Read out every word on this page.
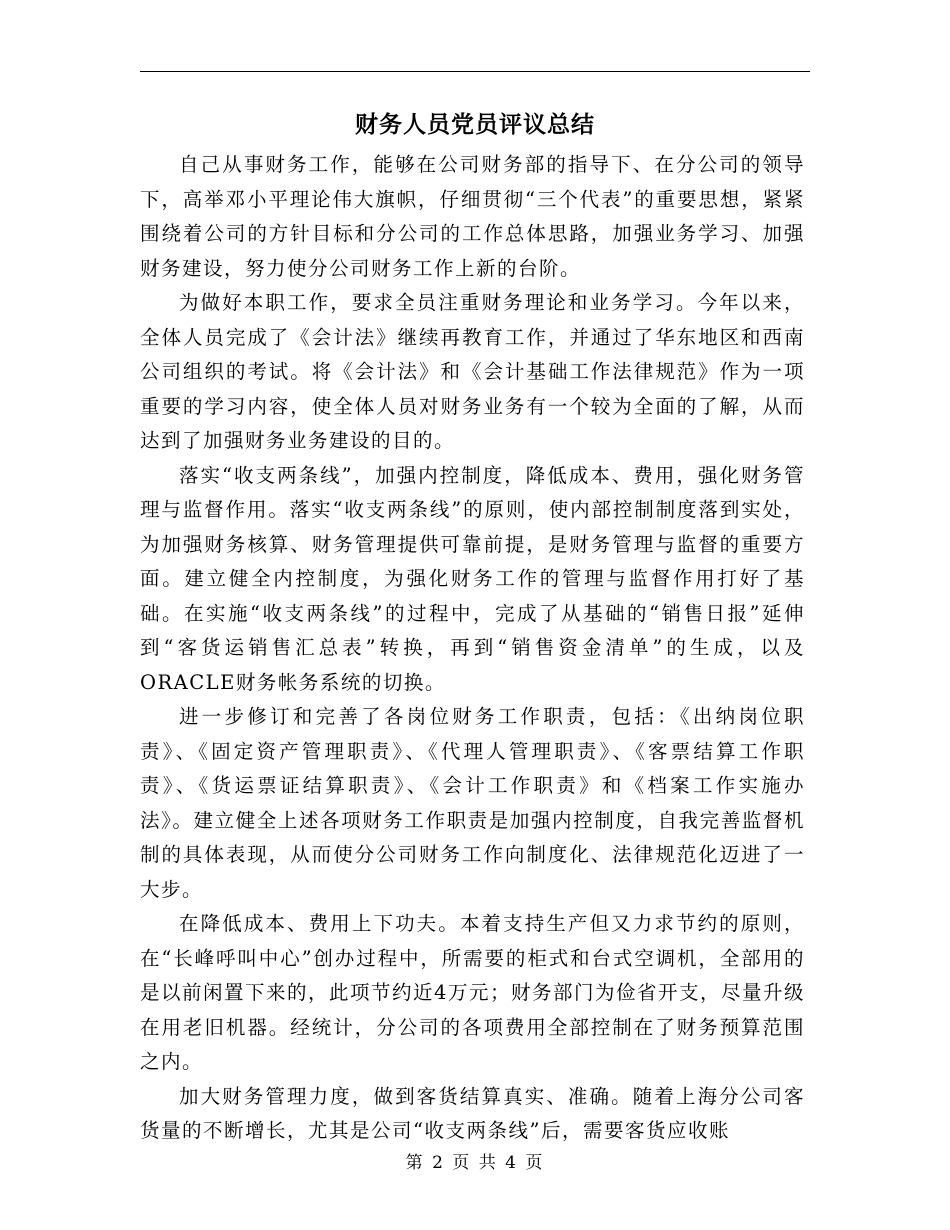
财务人员党员评议总结

自己从事财务工作，能够在公司财务部的指导下、在分公司的领导下，高举邓小平理论伟大旗帜，仔细贯彻“三个代表”的重要思想，紧紧围绕着公司的方针目标和分公司的工作总体思路，加强业务学习、加强财务建设，努力使分公司财务工作上新的台阶。

为做好本职工作，要求全员注重财务理论和业务学习。今年以来，全体人员完成了《会计法》继续再教育工作，并通过了华东地区和西南公司组织的考试。将《会计法》和《会计基础工作法律规范》作为一项重要的学习内容，使全体人员对财务业务有一个较为全面的了解，从而达到了加强财务业务建设的目的。

落实“收支两条线”，加强内控制度，降低成本、费用，强化财务管理与监督作用。落实“收支两条线”的原则，使内部控制制度落到实处，为加强财务核算、财务管理提供可靠前提，是财务管理与监督的重要方面。建立健全内控制度，为强化财务工作的管理与监督作用打好了基础。在实施“收支两条线”的过程中，完成了从基础的“销售日报”延伸到“客货运销售汇总表”转换，再到“销售资金清单”的生成，以及ORACLE财务帐务系统的切换。

进一步修订和完善了各岗位财务工作职责，包括：《出纳岗位职责》、《固定资产管理职责》、《代理人管理职责》、《客票结算工作职责》、《货运票证结算职责》、《会计工作职责》和《档案工作实施办法》。建立健全上述各项财务工作职责是加强内控制度，自我完善监督机制的具体表现，从而使分公司财务工作向制度化、法律规范化迈进了一大步。

在降低成本、费用上下功夫。本着支持生产但又力求节约的原则，在“长峰呼叫中心”创办过程中，所需要的柜式和台式空调机，全部用的是以前闲置下来的，此项节约近4万元；财务部门为俭省开支，尽量升级在用老旧机器。经统计，分公司的各项费用全部控制在了财务预算范围之内。

加大财务管理力度，做到客货结算真实、准确。随着上海分公司客货量的不断增长，尤其是公司“收支两条线”后，需要客货应收账

第 2 页 共 4 页
